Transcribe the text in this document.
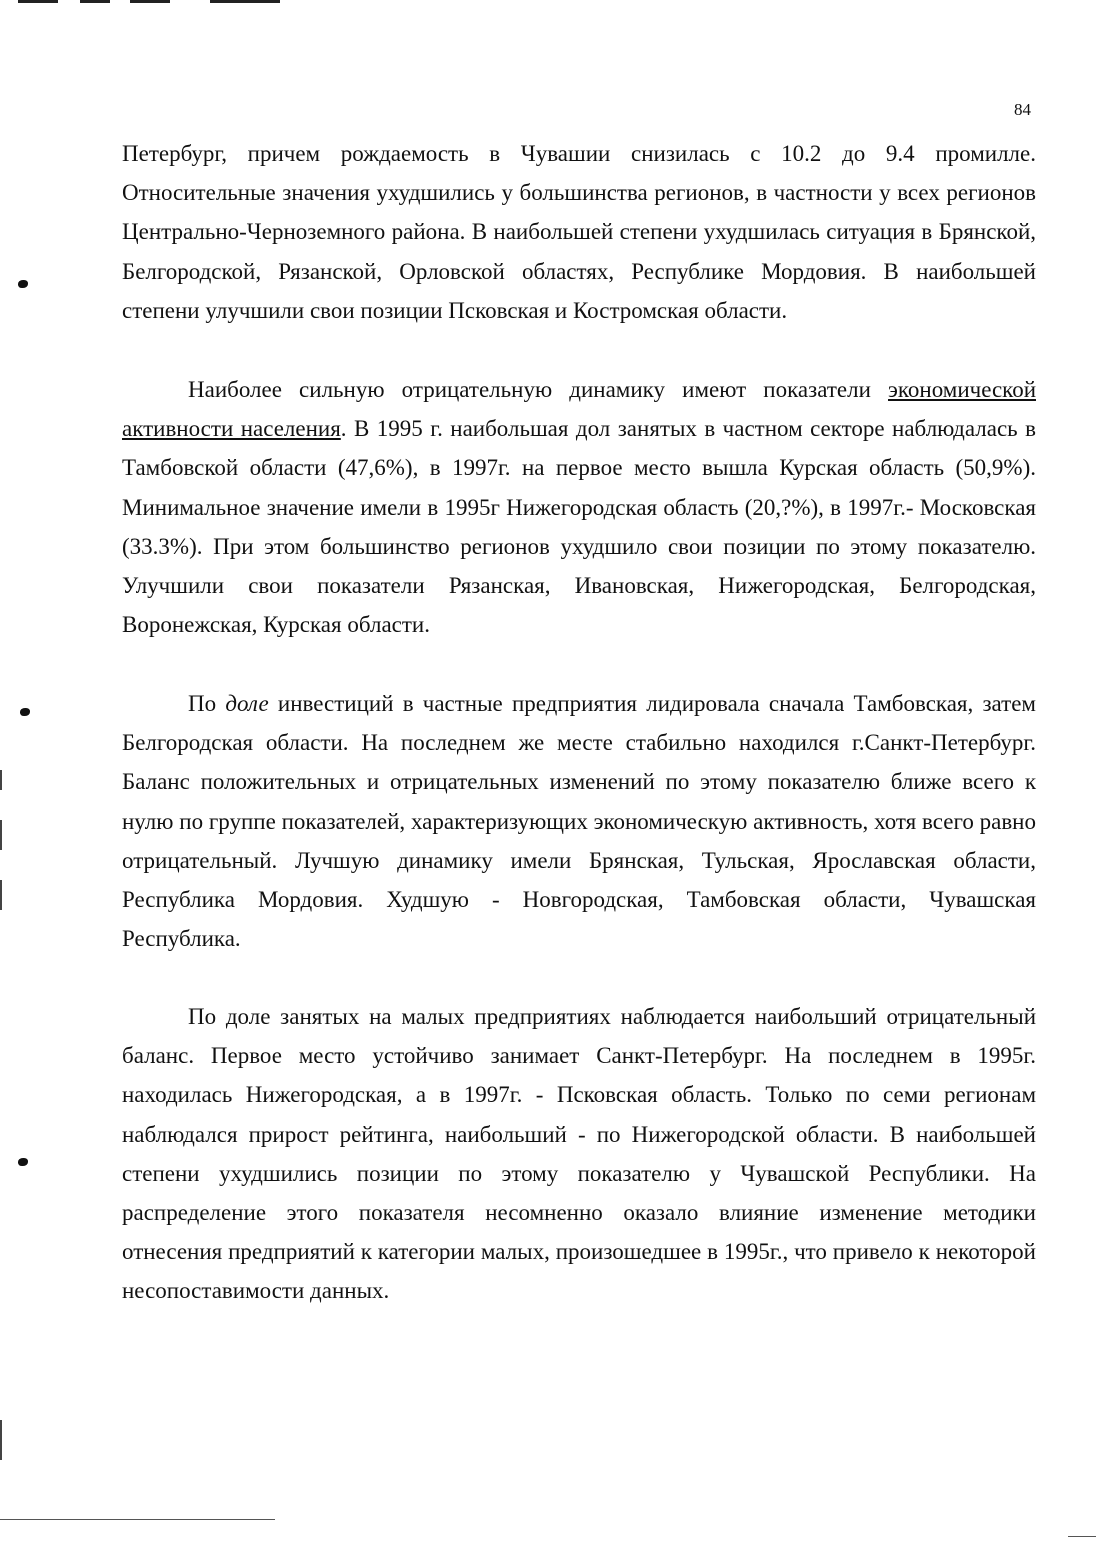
84

Петербург, причем рождаемость в Чувашии снизилась с 10.2 до 9.4 промилле. Относительные значения ухудшились у большинства регионов, в частности у всех регионов Центрально-Черноземного района. В наибольшей степени ухудшилась ситуация в Брянской, Белгородской, Рязанской, Орловской областях, Республике Мордовия. В наибольшей степени улучшили свои позиции Псковская и Костромская области.

Наиболее сильную отрицательную динамику имеют показатели экономической активности населения. В 1995 г. наибольшая дол занятых в частном секторе наблюдалась в Тамбовской области (47,6%), в 1997г. на первое место вышла Курская область (50,9%). Минимальное значение имели в 1995г Нижегородская область (20,?%), в 1997г.- Московская (33.3%). При этом большинство регионов ухудшило свои позиции по этому показателю. Улучшили свои показатели Рязанская, Ивановская, Нижегородская, Белгородская, Воронежская, Курская области.

По доле инвестиций в частные предприятия лидировала сначала Тамбовская, затем Белгородская области. На последнем же месте стабильно находился г.Санкт-Петербург. Баланс положительных и отрицательных изменений по этому показателю ближе всего к нулю по группе показателей, характеризующих экономическую активность, хотя всего равно отрицательный. Лучшую динамику имели Брянская, Тульская, Ярославская области, Республика Мордовия. Худшую - Новгородская, Тамбовская области, Чувашская Республика.

По доле занятых на малых предприятиях наблюдается наибольший отрицательный баланс. Первое место устойчиво занимает Санкт-Петербург. На последнем в 1995г. находилась Нижегородская, а в 1997г. - Псковская область. Только по семи регионам наблюдался прирост рейтинга, наибольший - по Нижегородской области. В наибольшей степени ухудшились позиции по этому показателю у Чувашской Республики. На распределение этого показателя несомненно оказало влияние изменение методики отнесения предприятий к категории малых, произошедшее в 1995г., что привело к некоторой несопоставимости данных.
